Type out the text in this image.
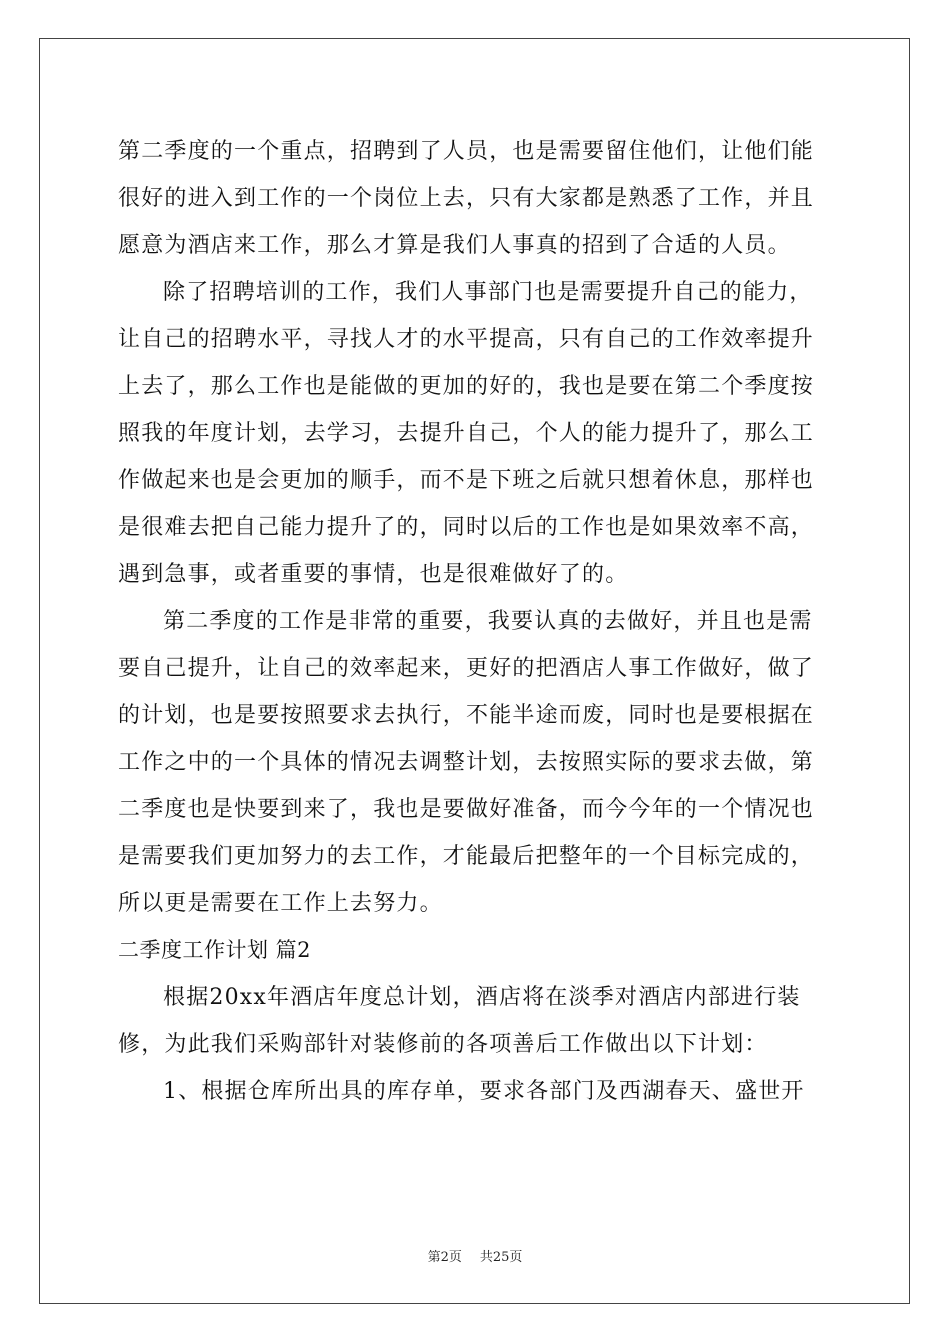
第二季度的一个重点，招聘到了人员，也是需要留住他们，让他们能
很好的进入到工作的一个岗位上去，只有大家都是熟悉了工作，并且
愿意为酒店来工作，那么才算是我们人事真的招到了合适的人员。
除了招聘培训的工作，我们人事部门也是需要提升自己的能力，
让自己的招聘水平，寻找人才的水平提高，只有自己的工作效率提升
上去了，那么工作也是能做的更加的好的，我也是要在第二个季度按
照我的年度计划，去学习，去提升自己，个人的能力提升了，那么工
作做起来也是会更加的顺手，而不是下班之后就只想着休息，那样也
是很难去把自己能力提升了的，同时以后的工作也是如果效率不高，
遇到急事，或者重要的事情，也是很难做好了的。
第二季度的工作是非常的重要，我要认真的去做好，并且也是需
要自己提升，让自己的效率起来，更好的把酒店人事工作做好，做了
的计划，也是要按照要求去执行，不能半途而废，同时也是要根据在
工作之中的一个具体的情况去调整计划，去按照实际的要求去做，第
二季度也是快要到来了，我也是要做好准备，而今今年的一个情况也
是需要我们更加努力的去工作，才能最后把整年的一个目标完成的，
所以更是需要在工作上去努力。
二季度工作计划 篇2
根据20xx年酒店年度总计划，酒店将在淡季对酒店内部进行装
修，为此我们采购部针对装修前的各项善后工作做出以下计划：
1、根据仓库所出具的库存单，要求各部门及西湖春天、盛世开
第2页 共25页
